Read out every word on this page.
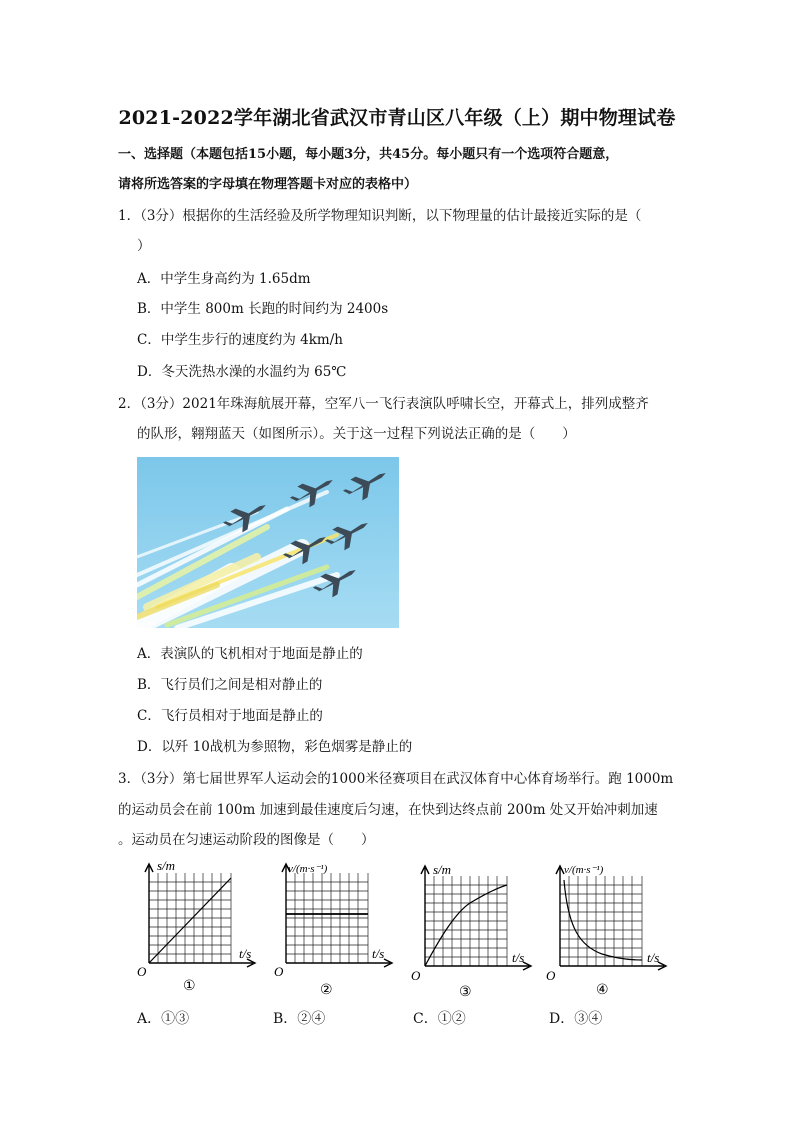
2021-2022学年湖北省武汉市青山区八年级（上）期中物理试卷
一、选择题（本题包括15小题，每小题3分，共45分。每小题只有一个选项符合题意，
请将所选答案的字母填在物理答题卡对应的表格中）
1．（3分）根据你的生活经验及所学物理知识判断，以下物理量的估计最接近实际的是（
）
A．中学生身高约为 1.65dm
B．中学生 800m 长跑的时间约为 2400s
C．中学生步行的速度约为 4km/h
D．冬天洗热水澡的水温约为 65℃
2．（3分）2021年珠海航展开幕，空军八一飞行表演队呼啸长空，开幕式上，排列成整齐
的队形，翱翔蓝天（如图所示）。关于这一过程下列说法正确的是（　　）
A．表演队的飞机相对于地面是静止的
B．飞行员们之间是相对静止的
C．飞行员相对于地面是静止的
D．以歼 10战机为参照物，彩色烟雾是静止的
3．（3分）第七届世界军人运动会的1000米径赛项目在武汉体育中心体育场举行。跑 1000m
的运动员会在前 100m 加速到最佳速度后匀速，在快到达终点前 200m 处又开始冲刺加速
。运动员在匀速运动阶段的图像是（　　）
s/m
t/s
O
①
v/(m·s⁻¹)
t/s
O
②
s/m
t/s
O
③
v/(m·s⁻¹)
t/s
O
④
A．①③	B．②④	C．①②	D．③④
